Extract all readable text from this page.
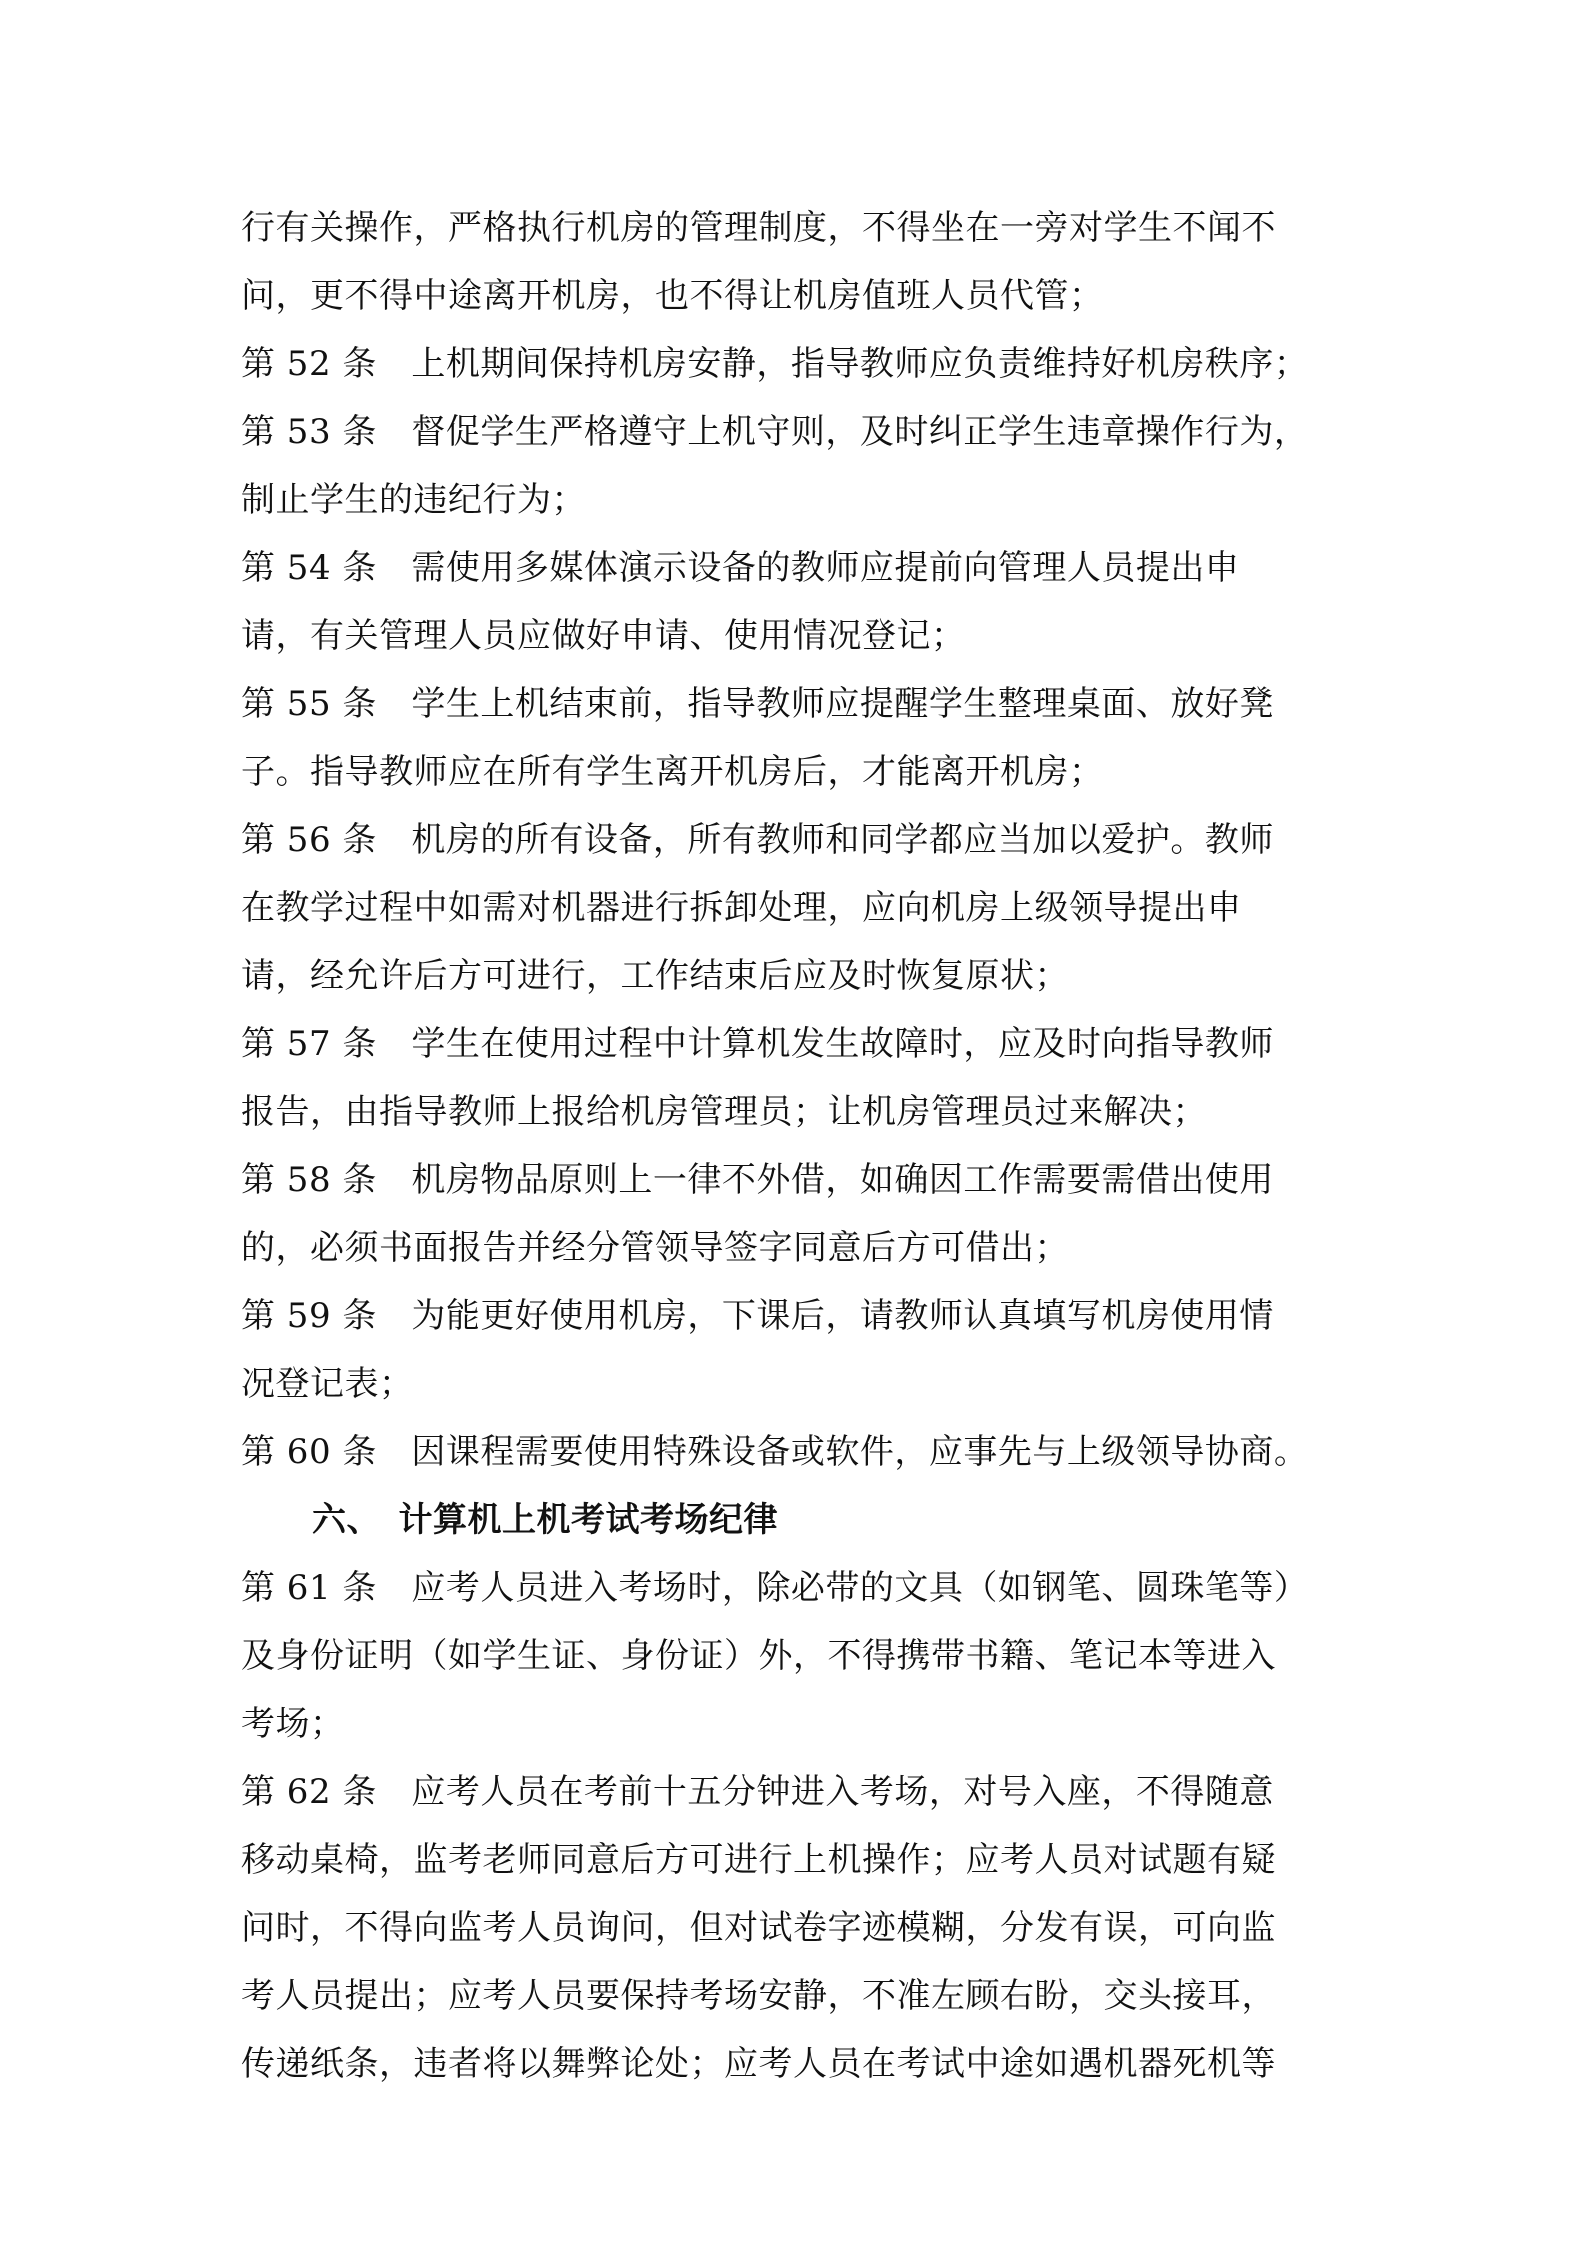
行有关操作，严格执行机房的管理制度，不得坐在一旁对学生不闻不
问，更不得中途离开机房，也不得让机房值班人员代管；
第 52 条　上机期间保持机房安静，指导教师应负责维持好机房秩序；
第 53 条　督促学生严格遵守上机守则，及时纠正学生违章操作行为，
制止学生的违纪行为；
第 54 条　需使用多媒体演示设备的教师应提前向管理人员提出申
请，有关管理人员应做好申请、使用情况登记；
第 55 条　学生上机结束前，指导教师应提醒学生整理桌面、放好凳
子。指导教师应在所有学生离开机房后，才能离开机房；
第 56 条　机房的所有设备，所有教师和同学都应当加以爱护。教师
在教学过程中如需对机器进行拆卸处理，应向机房上级领导提出申
请，经允许后方可进行，工作结束后应及时恢复原状；
第 57 条　学生在使用过程中计算机发生故障时，应及时向指导教师
报告，由指导教师上报给机房管理员；让机房管理员过来解决；
第 58 条　机房物品原则上一律不外借，如确因工作需要需借出使用
的，必须书面报告并经分管领导签字同意后方可借出；
第 59 条　为能更好使用机房，下课后，请教师认真填写机房使用情
况登记表；
第 60 条　因课程需要使用特殊设备或软件，应事先与上级领导协商。
六、　计算机上机考试考场纪律
第 61 条　应考人员进入考场时，除必带的文具（如钢笔、圆珠笔等）
及身份证明（如学生证、身份证）外，不得携带书籍、笔记本等进入
考场；
第 62 条　应考人员在考前十五分钟进入考场，对号入座，不得随意
移动桌椅，监考老师同意后方可进行上机操作；应考人员对试题有疑
问时，不得向监考人员询问，但对试卷字迹模糊，分发有误，可向监
考人员提出；应考人员要保持考场安静，不准左顾右盼，交头接耳，
传递纸条，违者将以舞弊论处；应考人员在考试中途如遇机器死机等
